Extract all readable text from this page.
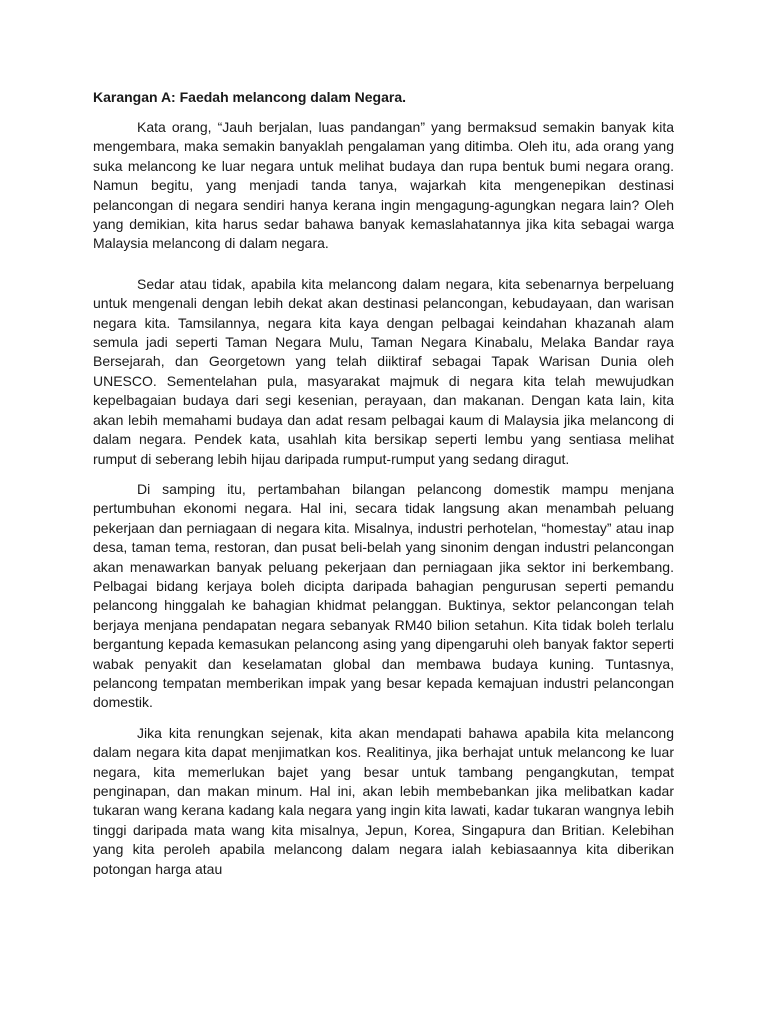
Karangan A: Faedah melancong dalam Negara.

Kata orang, “Jauh berjalan, luas pandangan” yang bermaksud semakin banyak kita mengembara, maka semakin banyaklah pengalaman yang ditimba. Oleh itu, ada orang yang suka melancong ke luar negara untuk melihat budaya dan rupa bentuk bumi negara orang. Namun begitu, yang menjadi tanda tanya, wajarkah kita mengenepikan destinasi pelancongan di negara sendiri hanya kerana ingin mengagung-agungkan negara lain? Oleh yang demikian, kita harus sedar bahawa banyak kemaslahatannya jika kita sebagai warga Malaysia melancong di dalam negara.

Sedar atau tidak, apabila kita melancong dalam negara, kita sebenarnya berpeluang untuk mengenali dengan lebih dekat akan destinasi pelancongan, kebudayaan, dan warisan negara kita. Tamsilannya, negara kita kaya dengan pelbagai keindahan khazanah alam semula jadi seperti Taman Negara Mulu, Taman Negara Kinabalu, Melaka Bandar raya Bersejarah, dan Georgetown yang telah diiktiraf sebagai Tapak Warisan Dunia oleh UNESCO. Sementelahan pula, masyarakat majmuk di negara kita telah mewujudkan kepelbagaian budaya dari segi kesenian, perayaan, dan makanan. Dengan kata lain, kita akan lebih memahami budaya dan adat resam pelbagai kaum di Malaysia jika melancong di dalam negara. Pendek kata, usahlah kita bersikap seperti lembu yang sentiasa melihat rumput di seberang lebih hijau daripada rumput-rumput yang sedang diragut.

Di samping itu, pertambahan bilangan pelancong domestik mampu menjana pertumbuhan ekonomi negara. Hal ini, secara tidak langsung akan menambah peluang pekerjaan dan perniagaan di negara kita. Misalnya, industri perhotelan, “homestay” atau inap desa, taman tema, restoran, dan pusat beli-belah yang sinonim dengan industri pelancongan akan menawarkan banyak peluang pekerjaan dan perniagaan jika sektor ini berkembang. Pelbagai bidang kerjaya boleh dicipta daripada bahagian pengurusan seperti pemandu pelancong hinggalah ke bahagian khidmat pelanggan. Buktinya, sektor pelancongan telah berjaya menjana pendapatan negara sebanyak RM40 bilion setahun. Kita tidak boleh terlalu bergantung kepada kemasukan pelancong asing yang dipengaruhi oleh banyak faktor seperti wabak penyakit dan keselamatan global dan membawa budaya kuning. Tuntasnya, pelancong tempatan memberikan impak yang besar kepada kemajuan industri pelancongan domestik.

Jika kita renungkan sejenak, kita akan mendapati bahawa apabila kita melancong dalam negara kita dapat menjimatkan kos. Realitinya, jika berhajat untuk melancong ke luar negara, kita memerlukan bajet yang besar untuk tambang pengangkutan, tempat penginapan, dan makan minum. Hal ini, akan lebih membebankan jika melibatkan kadar tukaran wang kerana kadang kala negara yang ingin kita lawati, kadar tukaran wangnya lebih tinggi daripada mata wang kita misalnya, Jepun, Korea, Singapura dan Britian. Kelebihan yang kita peroleh apabila melancong dalam negara ialah kebiasaannya kita diberikan potongan harga atau
